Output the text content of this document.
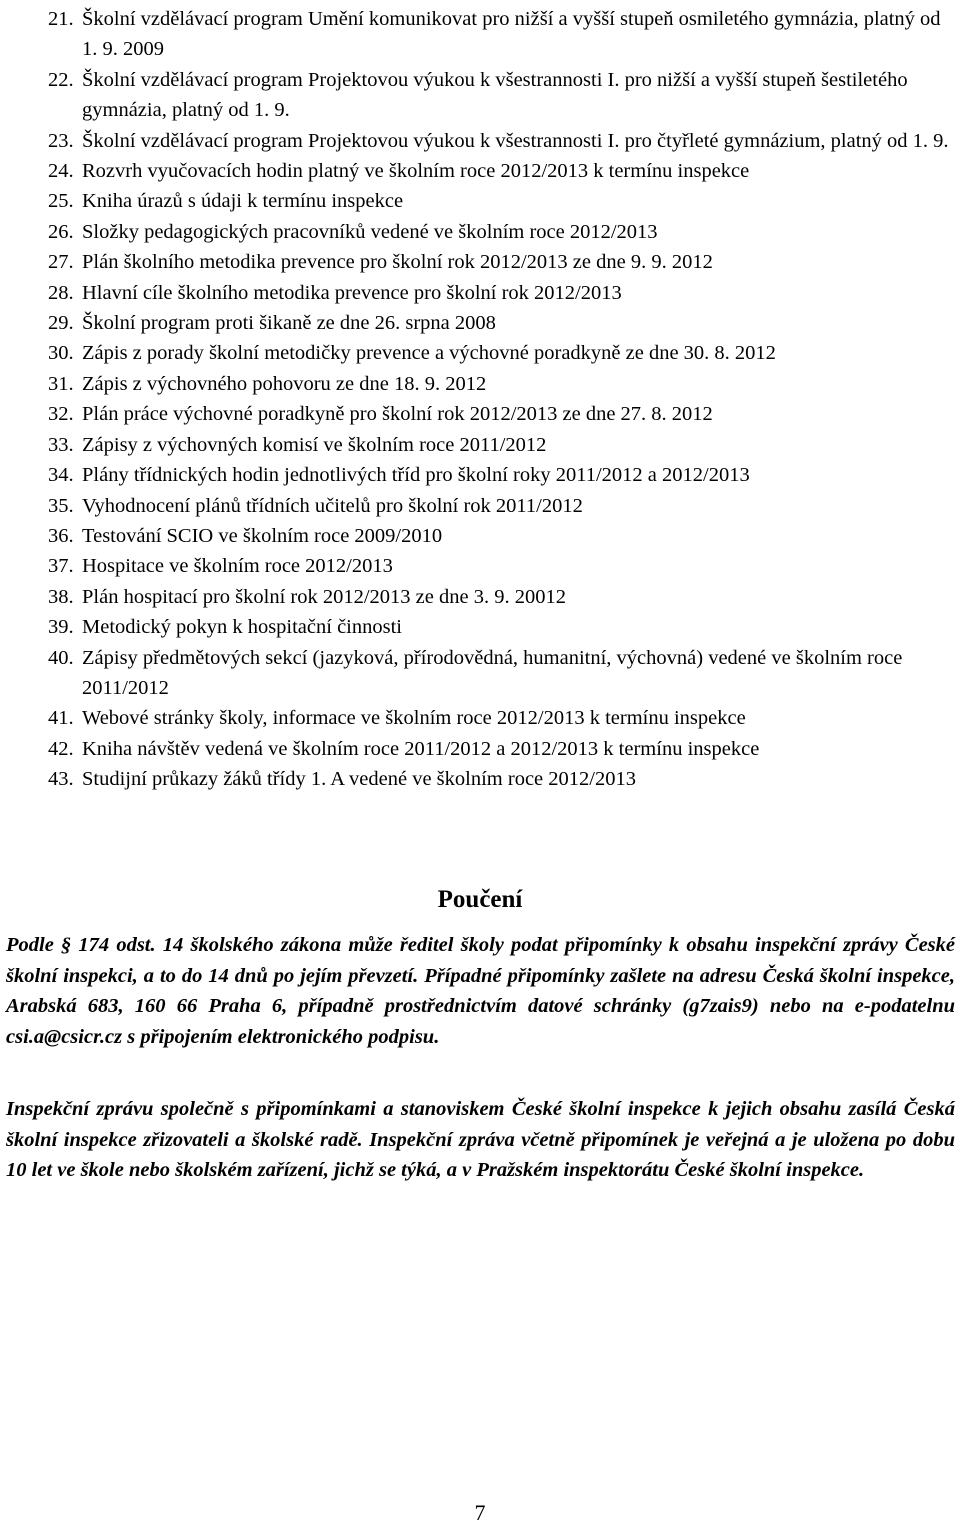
21. Školní vzdělávací program Umění komunikovat pro nižší a vyšší stupeň osmiletého gymnázia, platný od 1. 9. 2009
22. Školní vzdělávací program Projektovou výukou k všestrannosti I. pro nižší a vyšší stupeň šestiletého gymnázia, platný od 1. 9.
23. Školní vzdělávací program Projektovou výukou k všestrannosti I. pro čtyřleté gymnázium, platný od 1. 9.
24. Rozvrh vyučovacích hodin platný ve školním roce 2012/2013 k termínu inspekce
25. Kniha úrazů s údaji k termínu inspekce
26. Složky pedagogických pracovníků vedené ve školním roce 2012/2013
27. Plán školního metodika prevence pro školní rok 2012/2013 ze dne 9. 9. 2012
28. Hlavní cíle školního metodika prevence pro školní rok 2012/2013
29. Školní program proti šikaně ze dne 26. srpna 2008
30. Zápis z porady školní metodičky prevence a výchovné poradkyně ze dne 30. 8. 2012
31. Zápis z výchovného pohovoru ze dne 18. 9. 2012
32. Plán práce výchovné poradkyně pro školní rok 2012/2013 ze dne 27. 8. 2012
33. Zápisy z výchovných komisí ve školním roce 2011/2012
34. Plány třídnických hodin jednotlivých tříd pro školní roky 2011/2012 a 2012/2013
35. Vyhodnocení plánů třídních učitelů pro školní rok 2011/2012
36. Testování SCIO ve školním roce 2009/2010
37. Hospitace ve školním roce 2012/2013
38. Plán hospitací pro školní rok 2012/2013 ze dne 3. 9. 20012
39. Metodický pokyn k hospitační činnosti
40. Zápisy předmětových sekcí (jazyková, přírodovědná, humanitní, výchovná) vedené ve školním roce 2011/2012
41. Webové stránky školy, informace ve školním roce 2012/2013 k termínu inspekce
42. Kniha návštěv vedená ve školním roce 2011/2012 a 2012/2013 k termínu inspekce
43. Studijní průkazy žáků třídy 1. A vedené ve školním roce 2012/2013
Poučení

Podle § 174 odst. 14 školského zákona může ředitel školy podat připomínky k obsahu inspekční zprávy České školní inspekci, a to do 14 dnů po jejím převzetí. Případné připomínky zašlete na adresu Česká školní inspekce, Arabská 683, 160 66 Praha 6, případně prostřednictvím datové schránky (g7zais9) nebo na e-podatelnu csi.a@csicr.cz s připojením elektronického podpisu.

Inspekční zprávu společně s připomínkami a stanoviskem České školní inspekce k jejich obsahu zasílá Česká školní inspekce zřizovateli a školské radě. Inspekční zpráva včetně připomínek je veřejná a je uložena po dobu 10 let ve škole nebo školském zařízení, jichž se týká, a v Pražském inspektorátu České školní inspekce.

7
